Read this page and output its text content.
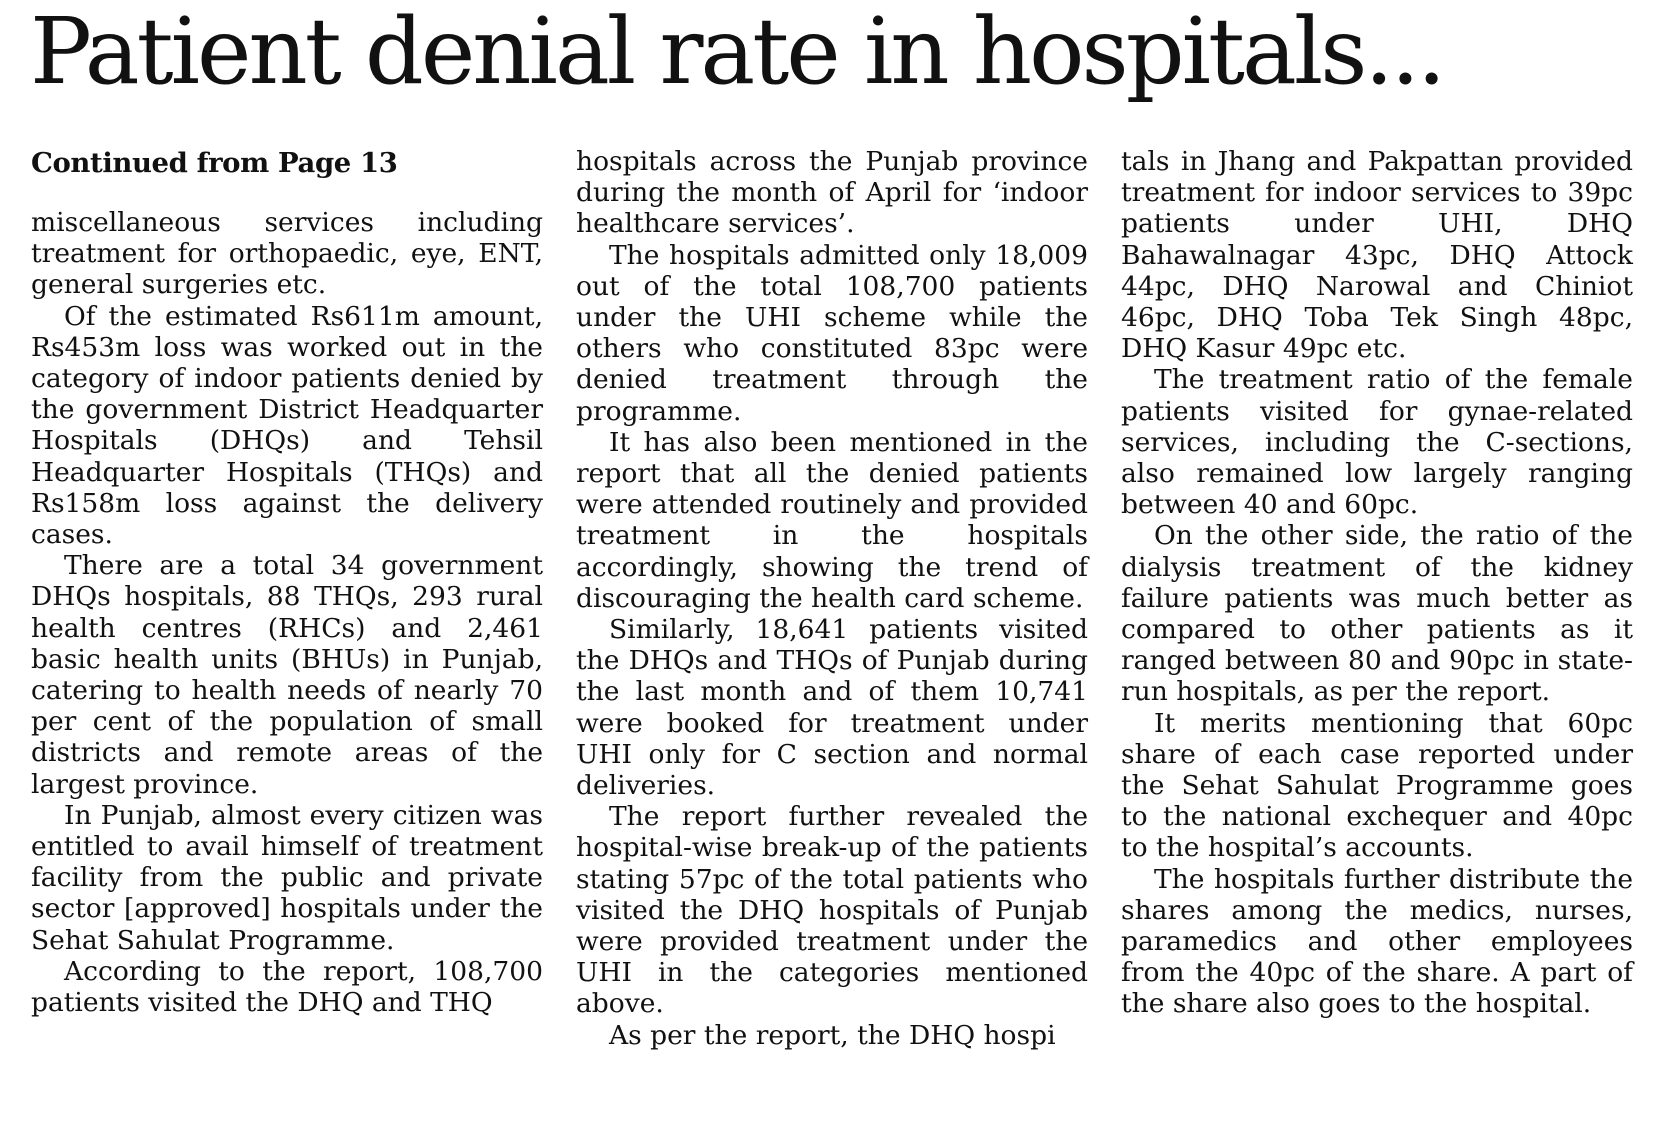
Patient denial rate in hospitals...
Continued from Page 13

miscellaneous services including treatment for orthopaedic, eye, ENT, general surgeries etc.

Of the estimated Rs611m amount, Rs453m loss was worked out in the category of indoor patients denied by the government District Headquarter Hospitals (DHQs) and Tehsil Headquarter Hospitals (THQs) and Rs158m loss against the delivery cases.

There are a total 34 government DHQs hospitals, 88 THQs, 293 rural health centres (RHCs) and 2,461 basic health units (BHUs) in Punjab, catering to health needs of nearly 70 per cent of the population of small districts and remote areas of the largest province.

In Punjab, almost every citizen was entitled to avail himself of treatment facility from the public and private sector [approved] hospitals under the Sehat Sahulat Programme.

According to the report, 108,700 patients visited the DHQ and THQ

hospitals across the Punjab province during the month of April for ‘indoor healthcare services’.

The hospitals admitted only 18,009 out of the total 108,700 patients under the UHI scheme while the others who constituted 83pc were denied treatment through the programme.

It has also been mentioned in the report that all the denied patients were attended routinely and provided treatment in the hospitals accordingly, showing the trend of discouraging the health card scheme.

Similarly, 18,641 patients visited the DHQs and THQs of Punjab during the last month and of them 10,741 were booked for treatment under UHI only for C section and normal deliveries.

The report further revealed the hospital-wise break-up of the patients stating 57pc of the total patients who visited the DHQ hospitals of Punjab were provided treatment under the UHI in the categories mentioned above.

As per the report, the DHQ hospi

tals in Jhang and Pakpattan provided treatment for indoor services to 39pc patients under UHI, DHQ Bahawalnagar 43pc, DHQ Attock 44pc, DHQ Narowal and Chiniot 46pc, DHQ Toba Tek Singh 48pc, DHQ Kasur 49pc etc.

The treatment ratio of the female patients visited for gynae-related services, including the C-sections, also remained low largely ranging between 40 and 60pc.

On the other side, the ratio of the dialysis treatment of the kidney failure patients was much better as compared to other patients as it ranged between 80 and 90pc in state-run hospitals, as per the report.

It merits mentioning that 60pc share of each case reported under the Sehat Sahulat Programme goes to the national exchequer and 40pc to the hospital’s accounts.

The hospitals further distribute the shares among the medics, nurses, paramedics and other employees from the 40pc of the share. A part of the share also goes to the hospital.
